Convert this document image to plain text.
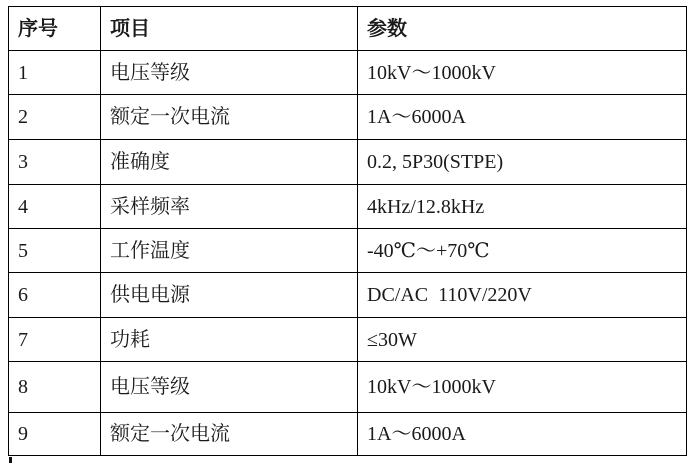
序号	项目	参数
1	电压等级	10kV～1000kV
2	额定一次电流	1A～6000A
3	准确度	0.2, 5P30(STPE)
4	采样频率	4kHz/12.8kHz
5	工作温度	-40℃～+70℃
6	供电电源	DC/AC  110V/220V
7	功耗	≤30W
8	电压等级	10kV～1000kV
9	额定一次电流	1A～6000A
